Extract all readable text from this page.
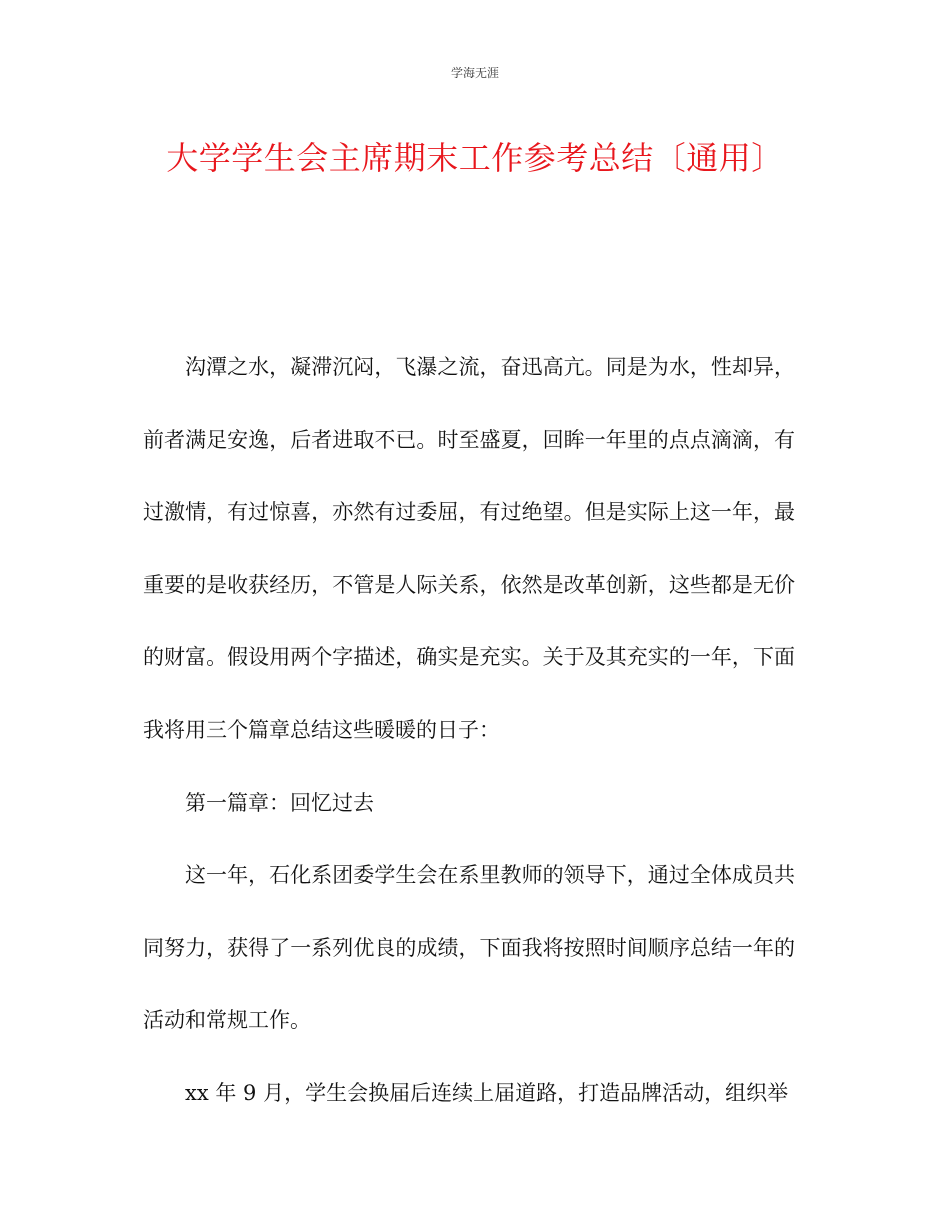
学海无涯
大学学生会主席期末工作参考总结〔通用〕

沟潭之水，凝滞沉闷，飞瀑之流，奋迅高亢。同是为水，性却异，前者满足安逸，后者进取不已。时至盛夏，回眸一年里的点点滴滴，有过激情，有过惊喜，亦然有过委屈，有过绝望。但是实际上这一年，最重要的是收获经历，不管是人际关系，依然是改革创新，这些都是无价的财富。假设用两个字描述，确实是充实。关于及其充实的一年，下面我将用三个篇章总结这些暖暖的日子：

第一篇章：回忆过去

这一年，石化系团委学生会在系里教师的领导下，通过全体成员共同努力，获得了一系列优良的成绩，下面我将按照时间顺序总结一年的活动和常规工作。

xx 年 9 月，学生会换届后连续上届道路，打造品牌活动，组织举
